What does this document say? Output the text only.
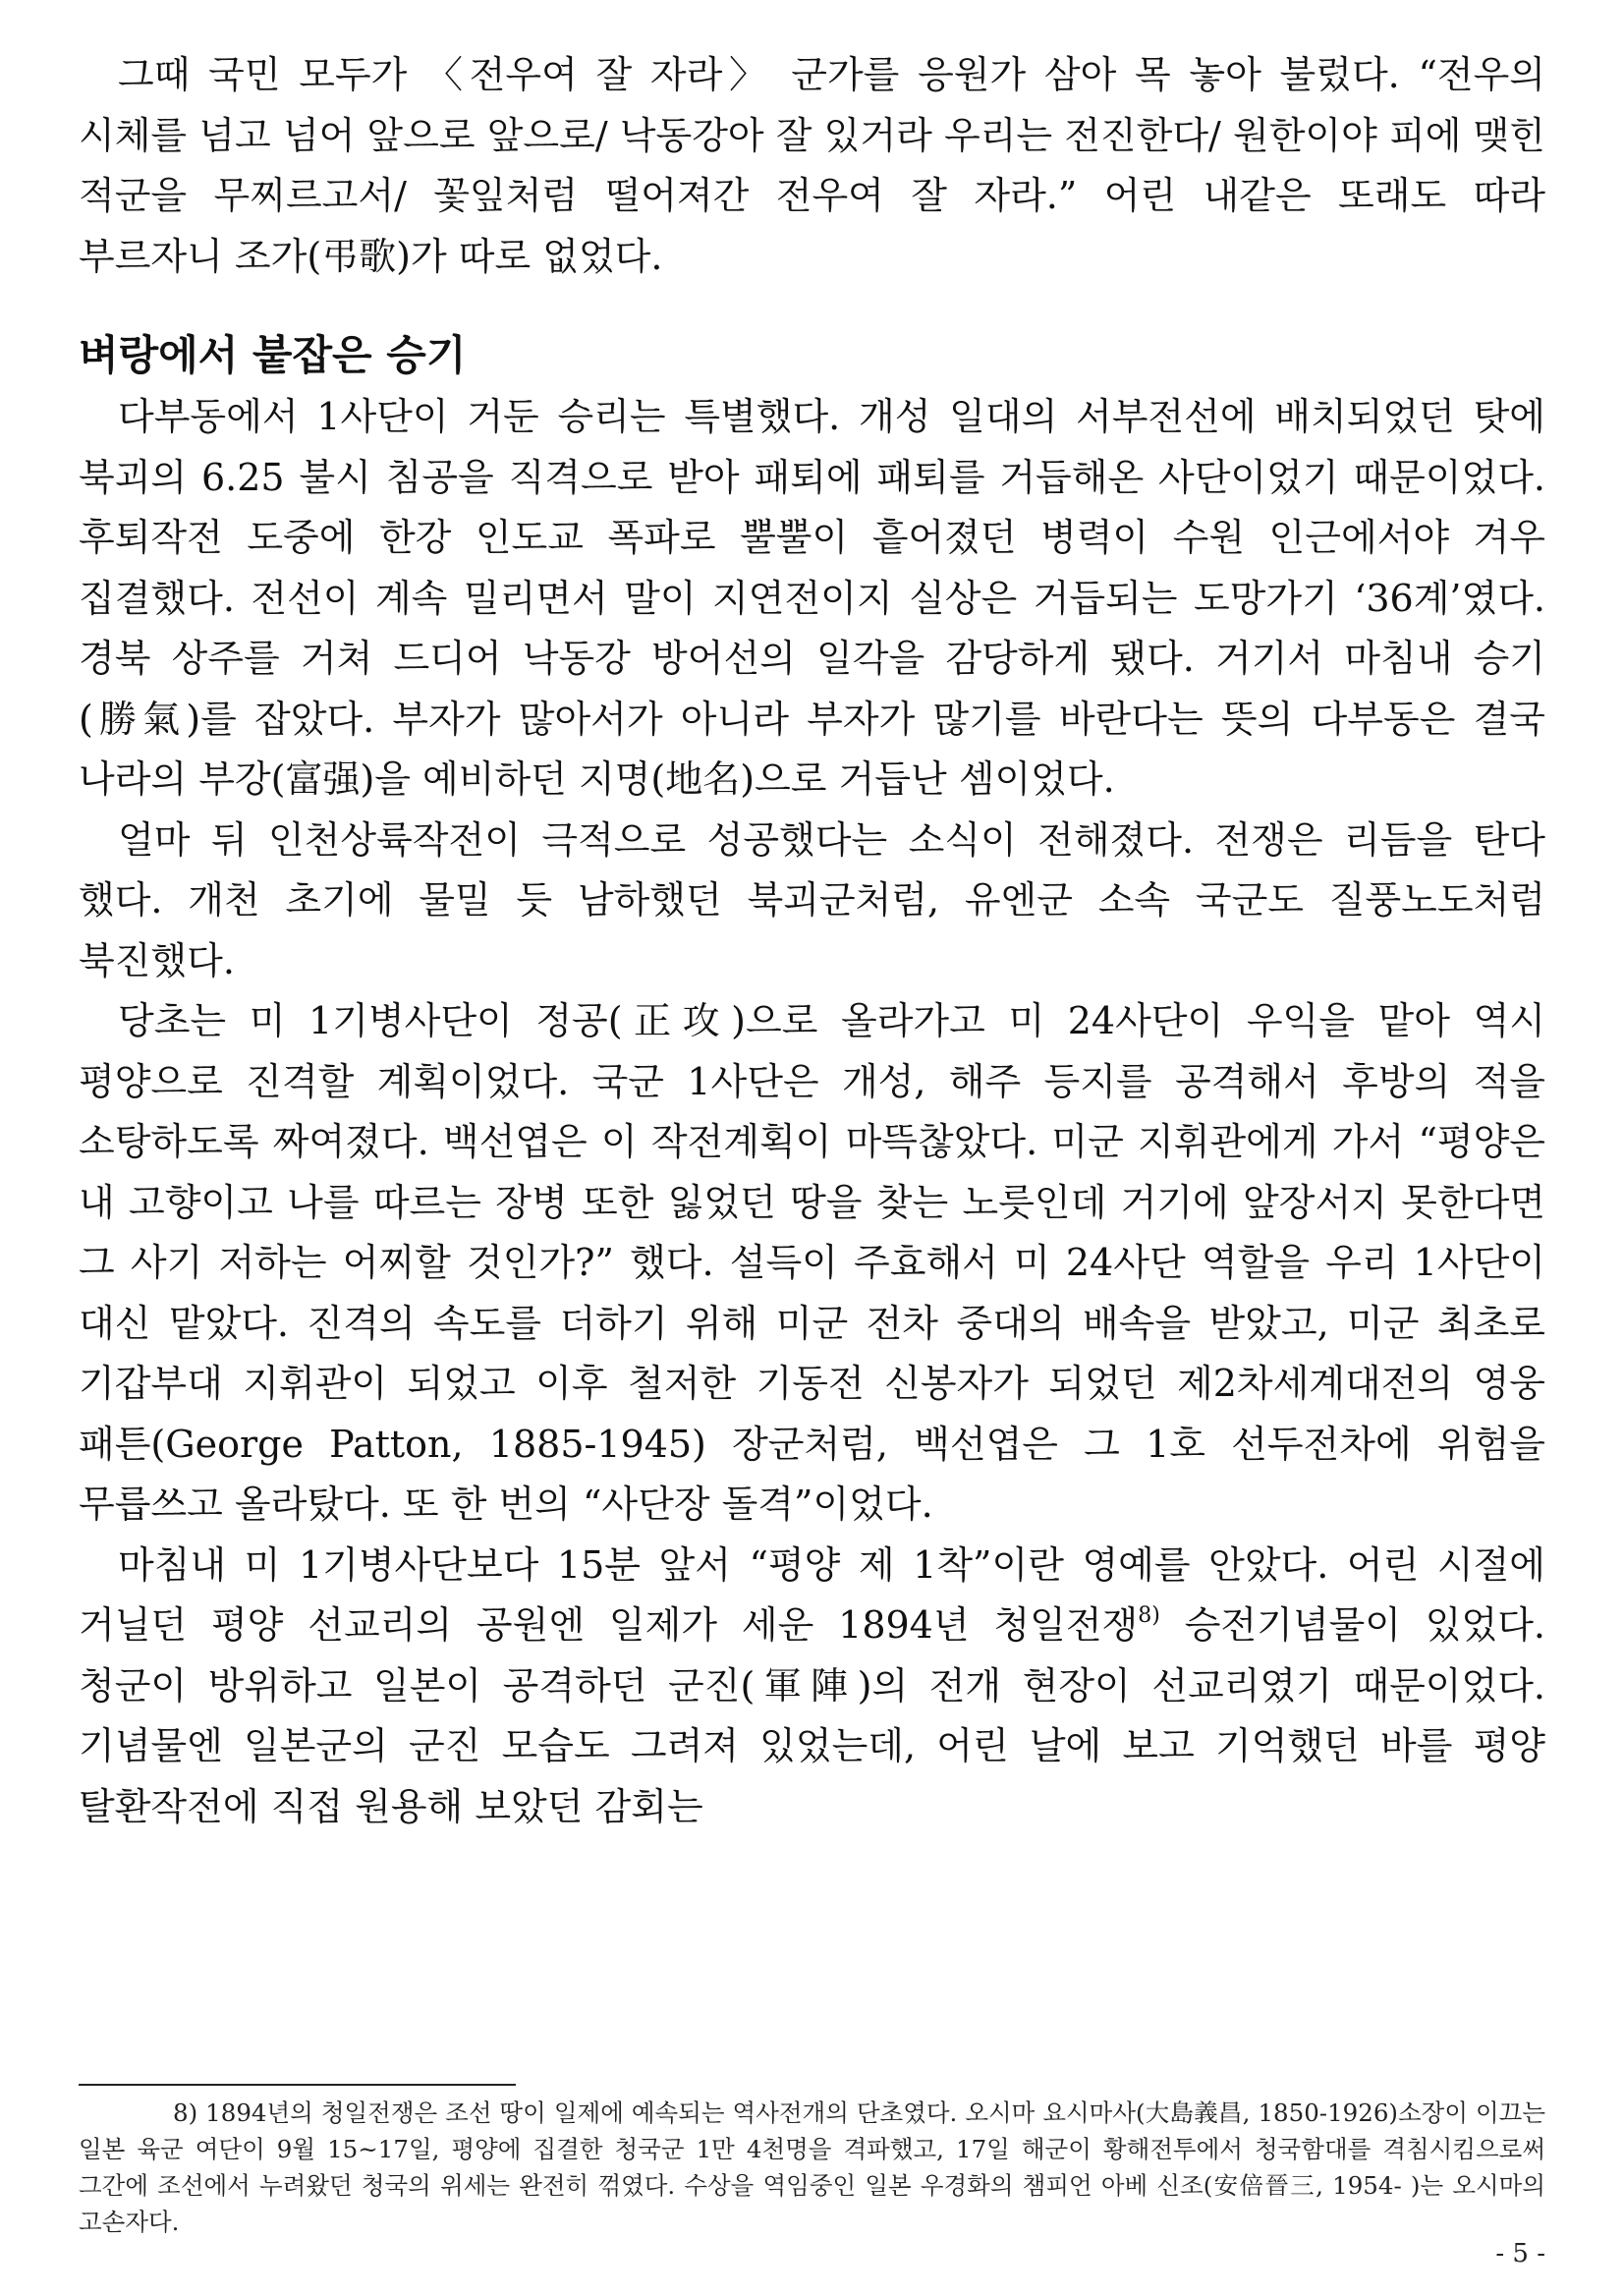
그때 국민 모두가 〈전우여 잘 자라〉 군가를 응원가 삼아 목 놓아 불렀다. “전우의 시체를 넘고 넘어 앞으로 앞으로/ 낙동강아 잘 있거라 우리는 전진한다/ 원한이야 피에 맺힌 적군을 무찌르고서/ 꽃잎처럼 떨어져간 전우여 잘 자라.” 어린 내같은 또래도 따라 부르자니 조가(弔歌)가 따로 없었다.

벼랑에서 붙잡은 승기

다부동에서 1사단이 거둔 승리는 특별했다. 개성 일대의 서부전선에 배치되었던 탓에 북괴의 6.25 불시 침공을 직격으로 받아 패퇴에 패퇴를 거듭해온 사단이었기 때문이었다. 후퇴작전 도중에 한강 인도교 폭파로 뿔뿔이 흩어졌던 병력이 수원 인근에서야 겨우 집결했다. 전선이 계속 밀리면서 말이 지연전이지 실상은 거듭되는 도망가기 ‘36계’였다. 경북 상주를 거쳐 드디어 낙동강 방어선의 일각을 감당하게 됐다. 거기서 마침내 승기(勝氣)를 잡았다. 부자가 많아서가 아니라 부자가 많기를 바란다는 뜻의 다부동은 결국 나라의 부강(富强)을 예비하던 지명(地名)으로 거듭난 셈이었다.

얼마 뒤 인천상륙작전이 극적으로 성공했다는 소식이 전해졌다. 전쟁은 리듬을 탄다 했다. 개천 초기에 물밀 듯 남하했던 북괴군처럼, 유엔군 소속 국군도 질풍노도처럼 북진했다.

당초는 미 1기병사단이 정공(正攻)으로 올라가고 미 24사단이 우익을 맡아 역시 평양으로 진격할 계획이었다. 국군 1사단은 개성, 해주 등지를 공격해서 후방의 적을 소탕하도록 짜여졌다. 백선엽은 이 작전계획이 마뜩찮았다. 미군 지휘관에게 가서 “평양은 내 고향이고 나를 따르는 장병 또한 잃었던 땅을 찾는 노릇인데 거기에 앞장서지 못한다면 그 사기 저하는 어찌할 것인가?” 했다. 설득이 주효해서 미 24사단 역할을 우리 1사단이 대신 맡았다. 진격의 속도를 더하기 위해 미군 전차 중대의 배속을 받았고, 미군 최초로 기갑부대 지휘관이 되었고 이후 철저한 기동전 신봉자가 되었던 제2차세계대전의 영웅 패튼(George Patton, 1885-1945) 장군처럼, 백선엽은 그 1호 선두전차에 위험을 무릅쓰고 올라탔다. 또 한 번의 “사단장 돌격”이었다.

마침내 미 1기병사단보다 15분 앞서 “평양 제 1착”이란 영예를 안았다. 어린 시절에 거닐던 평양 선교리의 공원엔 일제가 세운 1894년 청일전쟁$^{8)}$ 승전기념물이 있었다. 청군이 방위하고 일본이 공격하던 군진(軍陣)의 전개 현장이 선교리였기 때문이었다. 기념물엔 일본군의 군진 모습도 그려져 있었는데, 어린 날에 보고 기억했던 바를 평양 탈환작전에 직접 원용해 보았던 감회는

8) 1894년의 청일전쟁은 조선 땅이 일제에 예속되는 역사전개의 단초였다. 오시마 요시마사(大島義昌, 1850-1926)소장이 이끄는 일본 육군 여단이 9월 15~17일, 평양에 집결한 청국군 1만 4천명을 격파했고, 17일 해군이 황해전투에서 청국함대를 격침시킴으로써 그간에 조선에서 누려왔던 청국의 위세는 완전히 꺾였다. 수상을 역임중인 일본 우경화의 챔피언 아베 신조(安倍晉三, 1954- )는 오시마의 고손자다.

- 5 -
